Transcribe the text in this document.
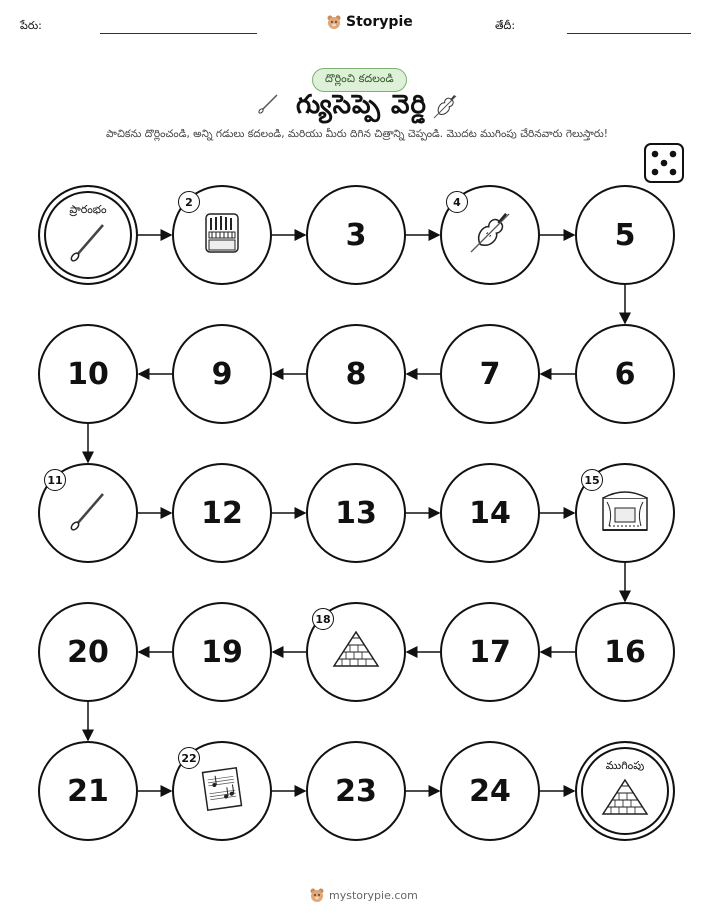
పేరు:	Storypie	తేదీ:
దొర్లించి కదలండి
గ్యుసెప్పె వెర్డి
పాచికను దొర్లించండి, అన్ని గడులు కదలండి, మరియు మీరు దిగిన చిత్రాన్ని చెప్పండి. మొదట ముగింపు చేరినవారు గెలుస్తారు!
ప్రారంభం
2
3
4
5
6
7
8
9
10
11
12	13	14
15
16
17
18
19
20
21
22
23	24
ముగింపు
mystorypie.com
